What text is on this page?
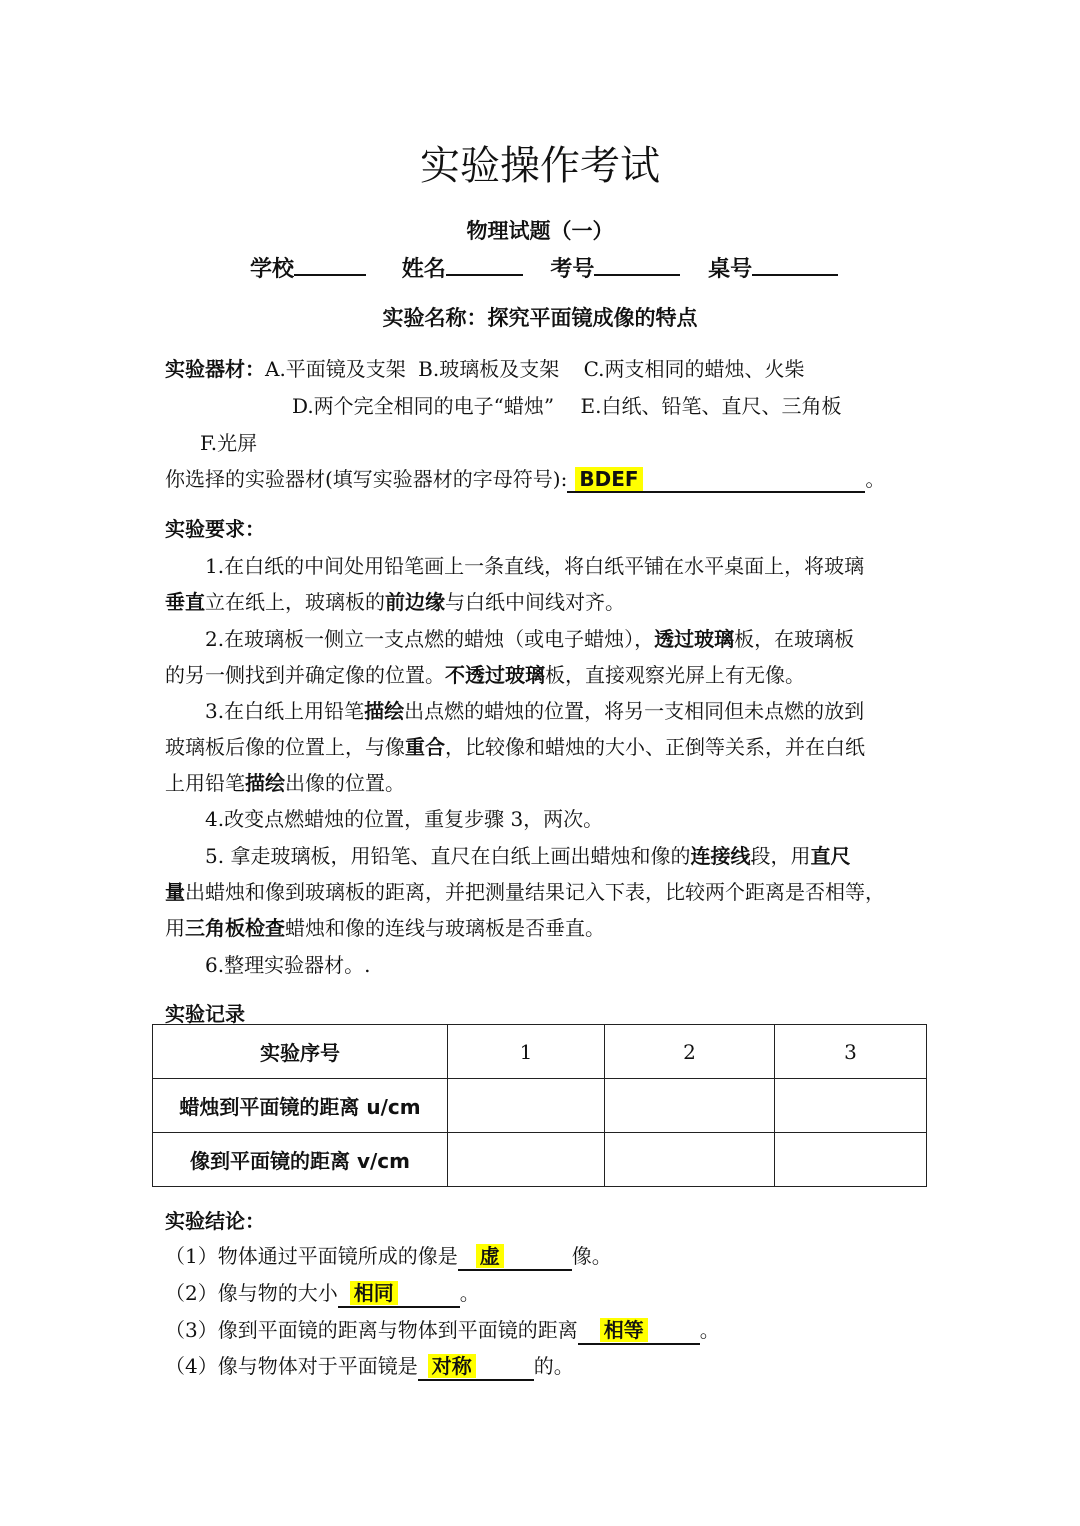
实验操作考试
物理试题（一）
学校	姓名	考号	桌号
实验名称：探究平面镜成像的特点
实验器材：A.平面镜及支架 B.玻璃板及支架 C.两支相同的蜡烛、火柴
D.两个完全相同的电子“蜡烛” E.白纸、铅笔、直尺、三角板
F.光屏
你选择的实验器材(填写实验器材的字母符号): BDEF	。
实验要求：
1.在白纸的中间处用铅笔画上一条直线，将白纸平铺在水平桌面上，将玻璃
垂直立在纸上，玻璃板的前边缘与白纸中间线对齐。
2.在玻璃板一侧立一支点燃的蜡烛（或电子蜡烛），透过玻璃板，在玻璃板
的另一侧找到并确定像的位置。不透过玻璃板，直接观察光屏上有无像。
3.在白纸上用铅笔描绘出点燃的蜡烛的位置，将另一支相同但未点燃的放到
玻璃板后像的位置上，与像重合，比较像和蜡烛的大小、正倒等关系，并在白纸
上用铅笔描绘出像的位置。
4.改变点燃蜡烛的位置，重复步骤 3，两次。
5. 拿走玻璃板，用铅笔、直尺在白纸上画出蜡烛和像的连接线段，用直尺
量出蜡烛和像到玻璃板的距离，并把测量结果记入下表，比较两个距离是否相等，
用三角板检查蜡烛和像的连线与玻璃板是否垂直。
6.整理实验器材。.
实验记录
实验序号	1	2	3
蜡烛到平面镜的距离 u/cm			
像到平面镜的距离 v/cm			
实验结论：
（1）物体通过平面镜所成的像是 虚	像。
（2）像与物的大小 相同	。
（3）像到平面镜的距离与物体到平面镜的距离 相等	。
（4）像与物体对于平面镜是 对称	的。
